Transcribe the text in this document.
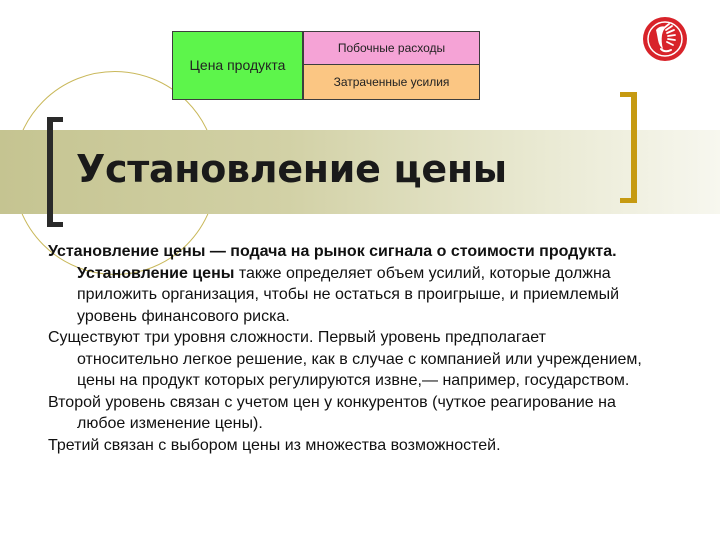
Установление цены
Цена продукта
Побочные расходы
Затраченные усилия

Установление цены — подача на рынок сигнала о стоимости продукта. Установление цены также определяет объем усилий, которые должна приложить организация, чтобы не остаться в проигрыше, и приемлемый уровень финансового риска.

Существуют три уровня сложности. Первый уровень предполагает относительно легкое решение, как в случае с компанией или учреждением, цены на продукт которых регулируются извне,— например, государством.

Второй уровень связан с учетом цен у конкурентов (чуткое реагирование на любое изменение цены).

Третий связан с выбором цены из множества возможностей.
